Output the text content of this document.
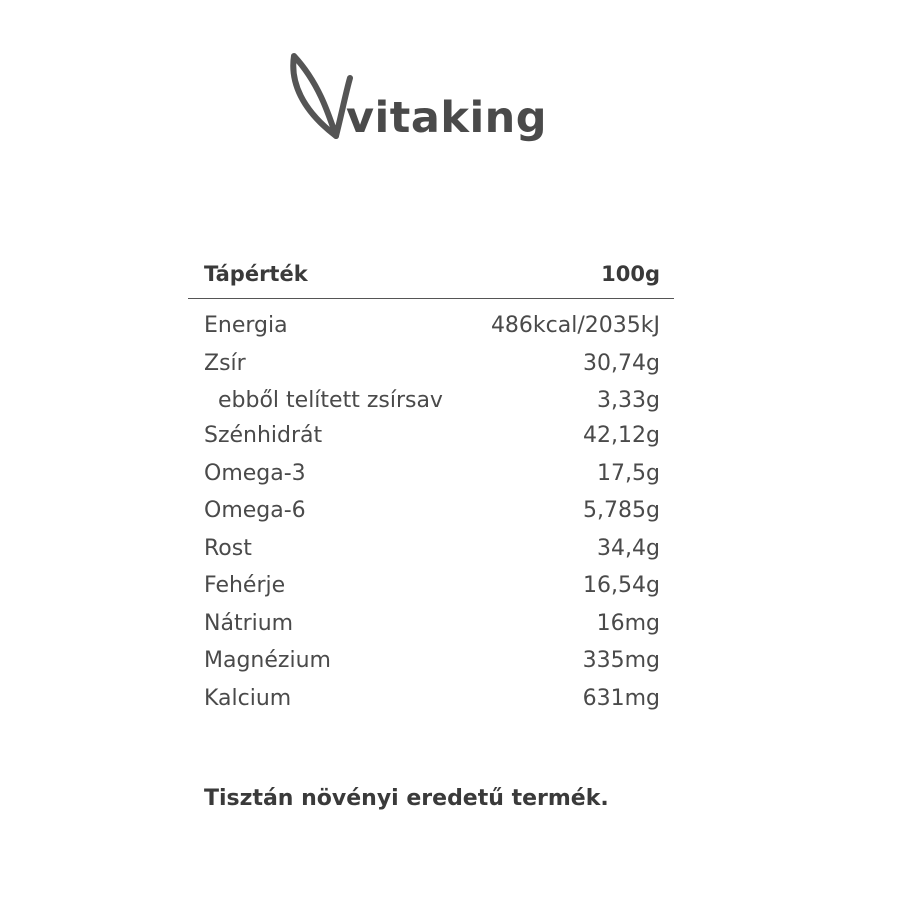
vitaking
Tápérték	100g
Energia	486kcal/2035kJ
Zsír	30,74g
ebből telített zsírsav	3,33g
Szénhidrát	42,12g
Omega-3	17,5g
Omega-6	5,785g
Rost	34,4g
Fehérje	16,54g
Nátrium	16mg
Magnézium	335mg
Kalcium	631mg
Tisztán növényi eredetű termék.
